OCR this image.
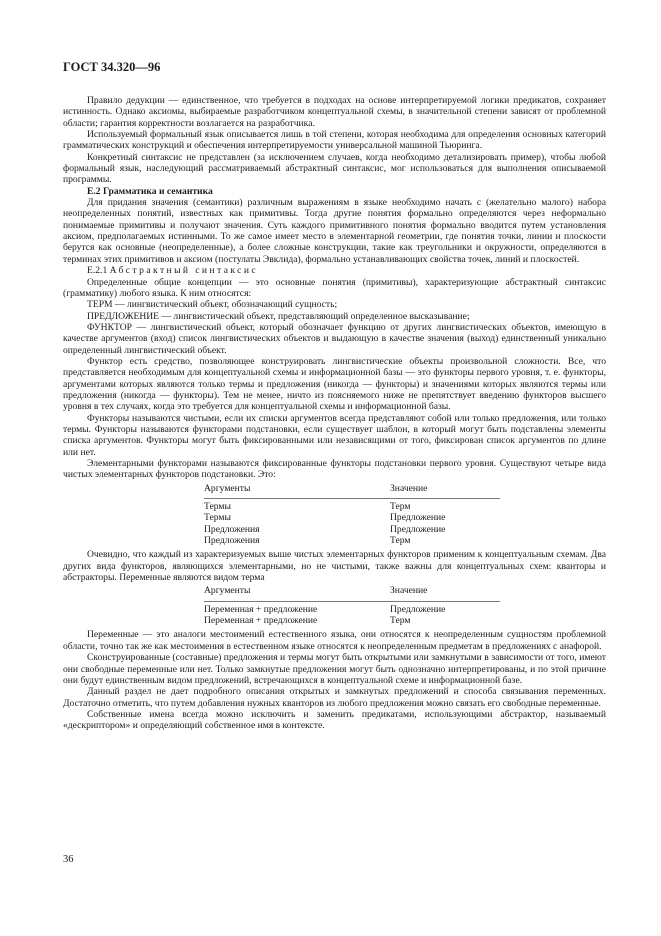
ГОСТ 34.320—96

Правило дедукции — единственное, что требуется в подходах на основе интерпретируемой логики предикатов, сохраняет истинность. Однако аксиомы, выбираемые разработчиком концептуальной схемы, в значительной степени зависят от проблемной области; гарантия корректности возлагается на разработчика.

Используемый формальный язык описывается лишь в той степени, которая необходима для определения основных категорий грамматических конструкций и обеспечения интерпретируемости универсальной машиной Тьюринга.

Конкретный синтаксис не представлен (за исключением случаев, когда необходимо детализировать пример), чтобы любой формальный язык, наследующий рассматриваемый абстрактный синтаксис, мог использоваться для выполнения описываемой программы.

Е.2 Грамматика и семантика

Для придания значения (семантики) различным выражениям в языке необходимо начать с (желательно малого) набора неопределенных понятий, известных как примитивы. Тогда другие понятия формально определяются через неформально понимаемые примитивы и получают значения. Суть каждого примитивного понятия формально вводится путем установления аксиом, предполагаемых истинными. То же самое имеет место в элементарной геометрии, где понятия точки, линии и плоскости берутся как основные (неопределенные), а более сложные конструкции, такие как треугольники и окружности, определяются в терминах этих примитивов и аксиом (постулаты Эвклида), формально устанавливающих свойства точек, линий и плоскостей.

Е.2.1 Абстрактный синтаксис

Определенные общие концепции — это основные понятия (примитивы), характеризующие абстрактный синтаксис (грамматику) любого языка. К ним относятся:

ТЕРМ — лингвистический объект, обозначающий сущность;

ПРЕДЛОЖЕНИЕ — лингвистический объект, представляющий определенное высказывание;

ФУНКТОР — лингвистический объект, который обозначает функцию от других лингвистических объектов, имеющую в качестве аргументов (вход) список лингвистических объектов и выдающую в качестве значения (выход) единственный уникально определенный лингвистический объект.

Функтор есть средство, позволяющее конструировать лингвистические объекты произвольной сложности. Все, что представляется необходимым для концептуальной схемы и информационной базы — это функторы первого уровня, т. е. функторы, аргументами которых являются только термы и предложения (никогда — функторы) и значениями которых являются термы или предложения (никогда — функторы). Тем не менее, ничто из поясняемого ниже не препятствует введению функторов высшего уровня в тех случаях, когда это требуется для концептуальной схемы и информационной базы.

Функторы называются чистыми, если их списки аргументов всегда представляют собой или только предложения, или только термы. Функторы называются функторами подстановки, если существует шаблон, в который могут быть подставлены элементы списка аргументов. Функторы могут быть фиксированными или независящими от того, фиксирован список аргументов по длине или нет.

Элементарными функторами называются фиксированные функторы подстановки первого уровня. Существуют четыре вида чистых элементарных функторов подстановки. Это:

Аргументы	Значение
Термы	Терм
Термы	Предложение
Предложения	Предложение
Предложения	Терм

Очевидно, что каждый из характеризуемых выше чистых элементарных функторов применим к концептуальным схемам. Два других вида функторов, являющихся элементарными, но не чистыми, также важны для концептуальных схем: кванторы и абстракторы. Переменные являются видом терма

Аргументы	Значение
Переменная + предложение	Предложение
Переменная + предложение	Терм

Переменные — это аналоги местоимений естественного языка, они относятся к неопределенным сущностям проблемной области, точно так же как местоимения в естественном языке относятся к неопределенным предметам в предложениях с анафорой.

Сконструированные (составные) предложения и термы могут быть открытыми или замкнутыми в зависимости от того, имеют они свободные переменные или нет. Только замкнутые предложения могут быть однозначно интерпретированы, и по этой причине они будут единственным видом предложений, встречающихся в концептуальной схеме и информационной базе.

Данный раздел не дает подробного описания открытых и замкнутых предложений и способа связывания переменных. Достаточно отметить, что путем добавления нужных кванторов из любого предложения можно связать его свободные переменные.

Собственные имена всегда можно исключить и заменить предикатами, использующими абстрактор, называемый «дескриптором» и определяющий собственное имя в контексте.

36
